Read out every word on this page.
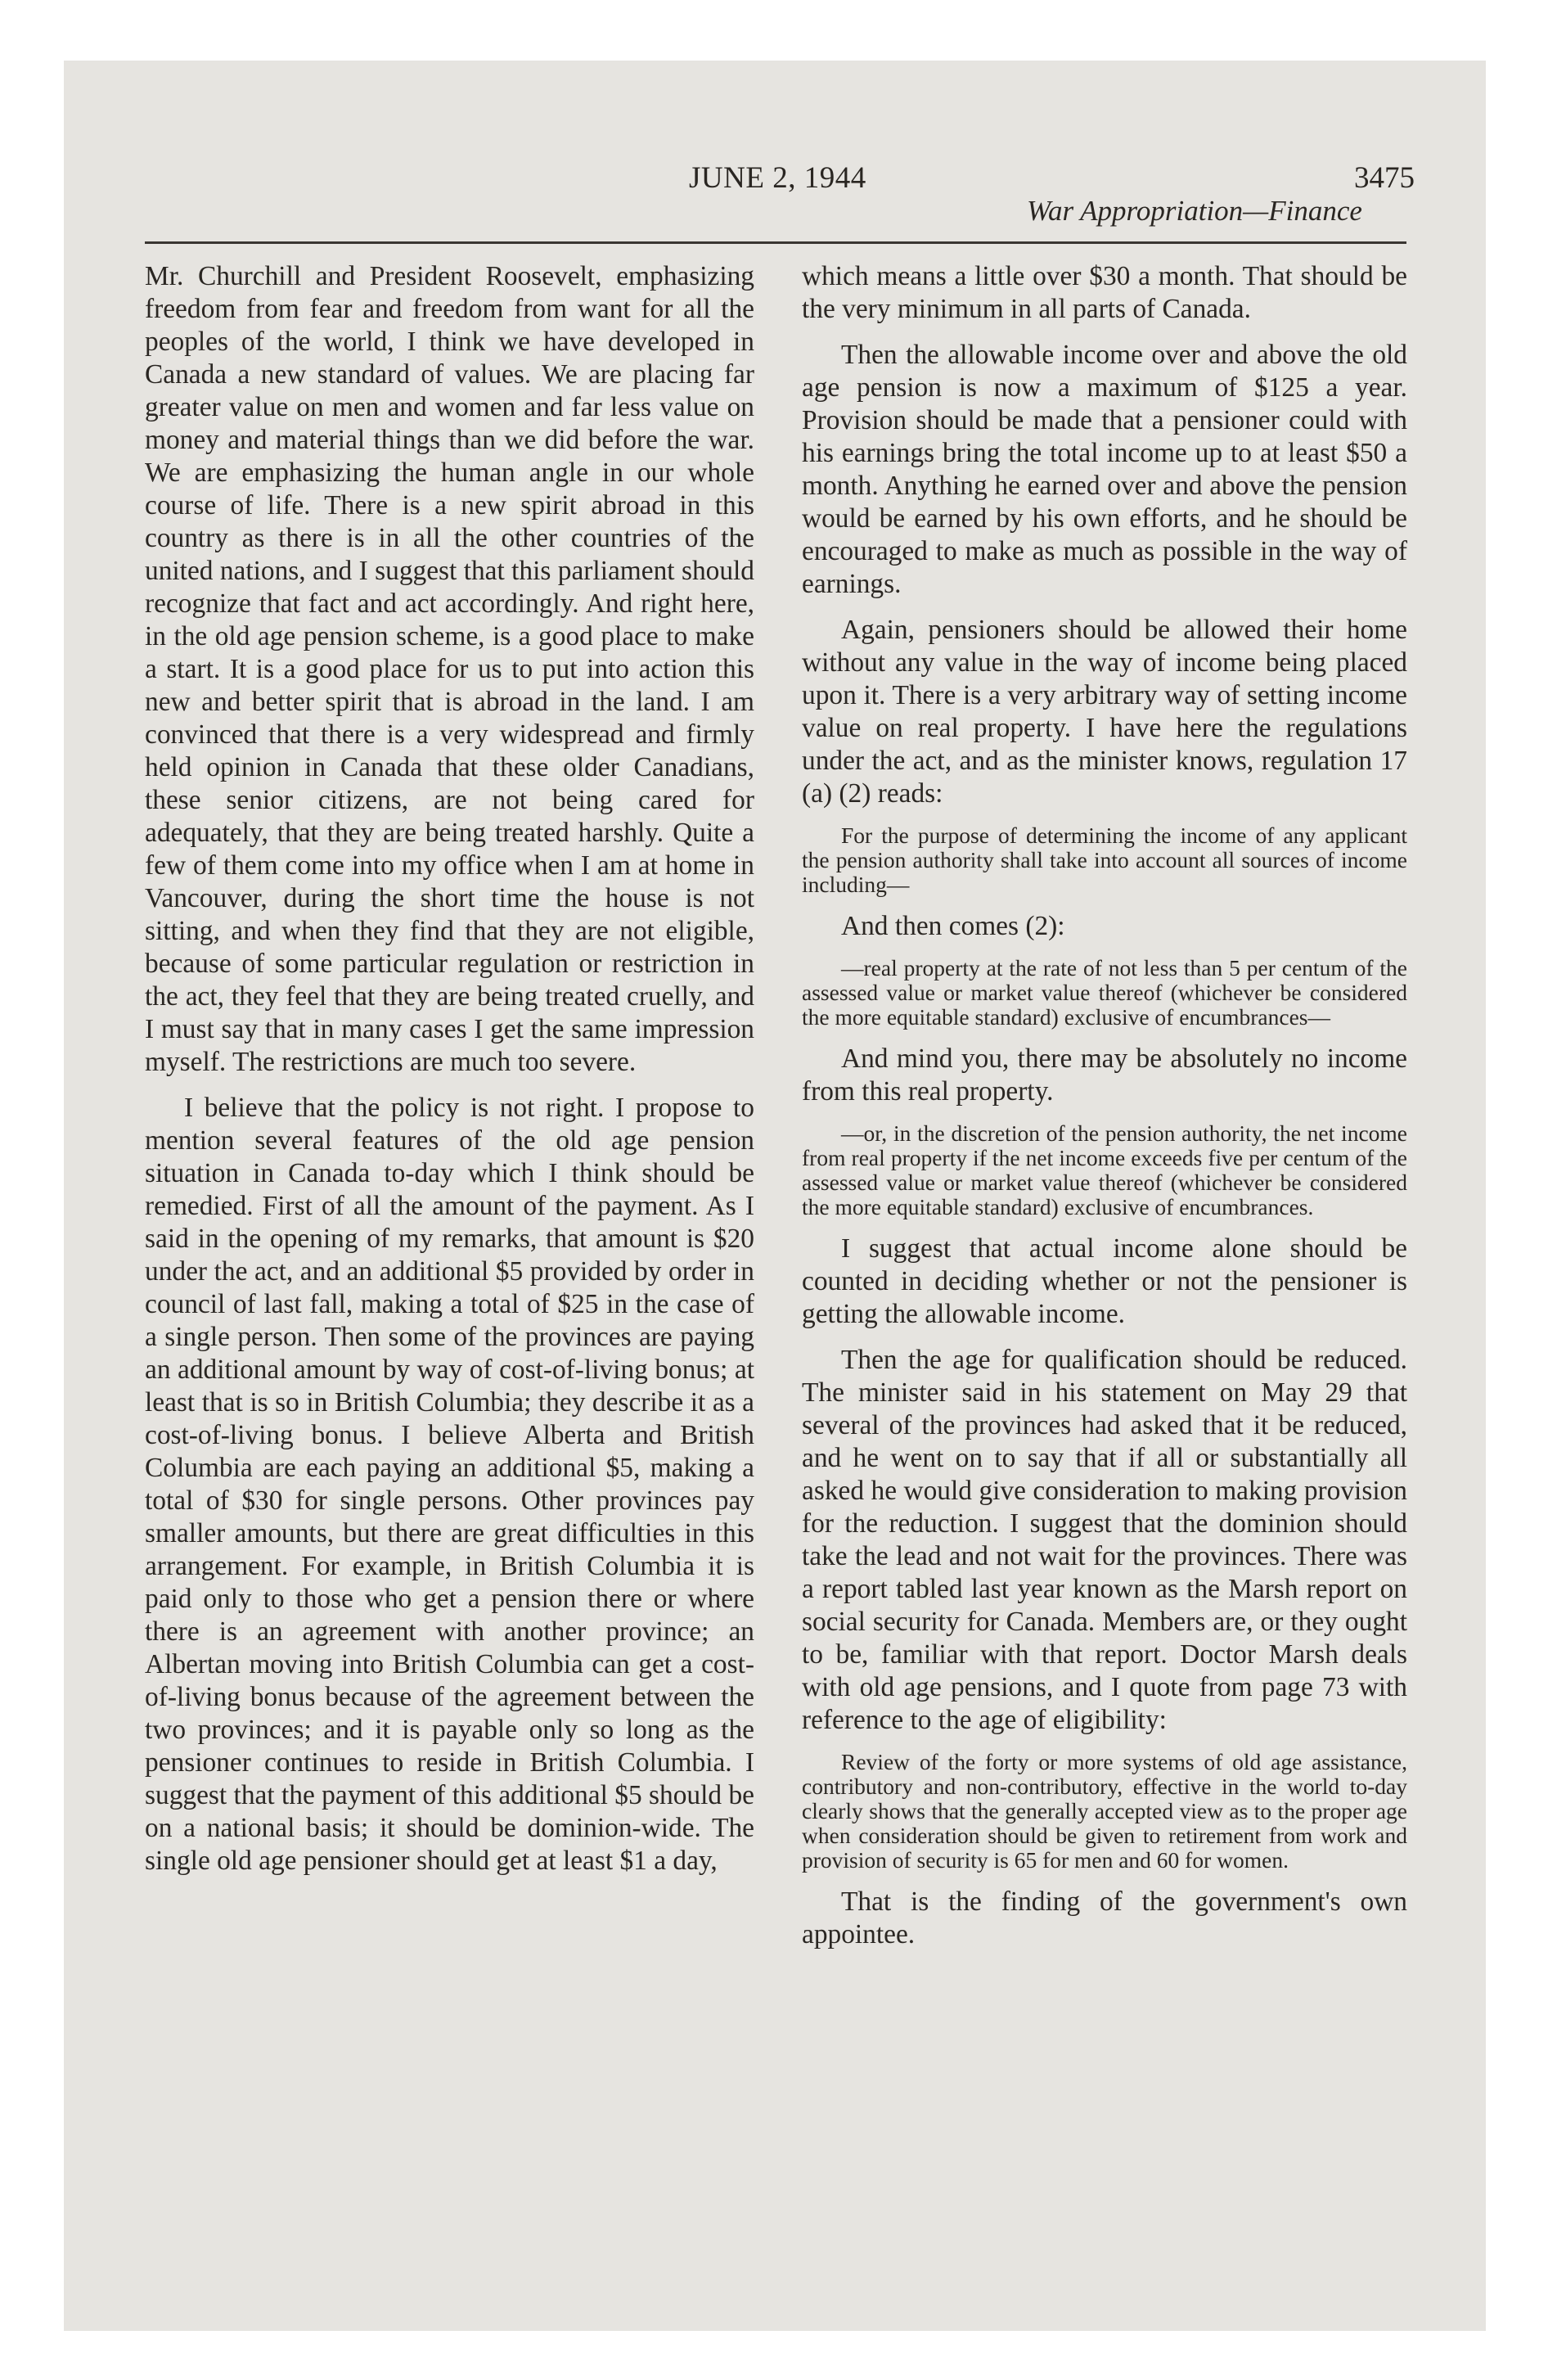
JUNE 2, 1944
War Appropriation—Finance
3475

Mr. Churchill and President Roosevelt, emphasizing freedom from fear and freedom from want for all the peoples of the world, I think we have developed in Canada a new standard of values. We are placing far greater value on men and women and far less value on money and material things than we did before the war. We are emphasizing the human angle in our whole course of life. There is a new spirit abroad in this country as there is in all the other countries of the united nations, and I suggest that this parliament should recognize that fact and act accordingly. And right here, in the old age pension scheme, is a good place to make a start. It is a good place for us to put into action this new and better spirit that is abroad in the land. I am convinced that there is a very widespread and firmly held opinion in Canada that these older Canadians, these senior citizens, are not being cared for adequately, that they are being treated harshly. Quite a few of them come into my office when I am at home in Vancouver, during the short time the house is not sitting, and when they find that they are not eligible, because of some particular regulation or restriction in the act, they feel that they are being treated cruelly, and I must say that in many cases I get the same impression myself. The restrictions are much too severe.

I believe that the policy is not right. I propose to mention several features of the old age pension situation in Canada to-day which I think should be remedied. First of all the amount of the payment. As I said in the opening of my remarks, that amount is $20 under the act, and an additional $5 provided by order in council of last fall, making a total of $25 in the case of a single person. Then some of the provinces are paying an additional amount by way of cost-of-living bonus; at least that is so in British Columbia; they describe it as a cost-of-living bonus. I believe Alberta and British Columbia are each paying an additional $5, making a total of $30 for single persons. Other provinces pay smaller amounts, but there are great difficulties in this arrangement. For example, in British Columbia it is paid only to those who get a pension there or where there is an agreement with another province; an Albertan moving into British Columbia can get a cost-of-living bonus because of the agreement between the two provinces; and it is payable only so long as the pensioner continues to reside in British Columbia. I suggest that the payment of this additional $5 should be on a national basis; it should be dominion-wide. The single old age pensioner should get at least $1 a day,

which means a little over $30 a month. That should be the very minimum in all parts of Canada.

Then the allowable income over and above the old age pension is now a maximum of $125 a year. Provision should be made that a pensioner could with his earnings bring the total income up to at least $50 a month. Anything he earned over and above the pension would be earned by his own efforts, and he should be encouraged to make as much as possible in the way of earnings.

Again, pensioners should be allowed their home without any value in the way of income being placed upon it. There is a very arbitrary way of setting income value on real property. I have here the regulations under the act, and as the minister knows, regulation 17 (a) (2) reads:

For the purpose of determining the income of any applicant the pension authority shall take into account all sources of income including—

And then comes (2):

—real property at the rate of not less than 5 per centum of the assessed value or market value thereof (whichever be considered the more equitable standard) exclusive of encumbrances—

And mind you, there may be absolutely no income from this real property.

—or, in the discretion of the pension authority, the net income from real property if the net income exceeds five per centum of the assessed value or market value thereof (whichever be considered the more equitable standard) exclusive of encumbrances.

I suggest that actual income alone should be counted in deciding whether or not the pensioner is getting the allowable income.

Then the age for qualification should be reduced. The minister said in his statement on May 29 that several of the provinces had asked that it be reduced, and he went on to say that if all or substantially all asked he would give consideration to making provision for the reduction. I suggest that the dominion should take the lead and not wait for the provinces. There was a report tabled last year known as the Marsh report on social security for Canada. Members are, or they ought to be, familiar with that report. Doctor Marsh deals with old age pensions, and I quote from page 73 with reference to the age of eligibility:

Review of the forty or more systems of old age assistance, contributory and non-contributory, effective in the world to-day clearly shows that the generally accepted view as to the proper age when consideration should be given to retirement from work and provision of security is 65 for men and 60 for women.

That is the finding of the government's own appointee.
